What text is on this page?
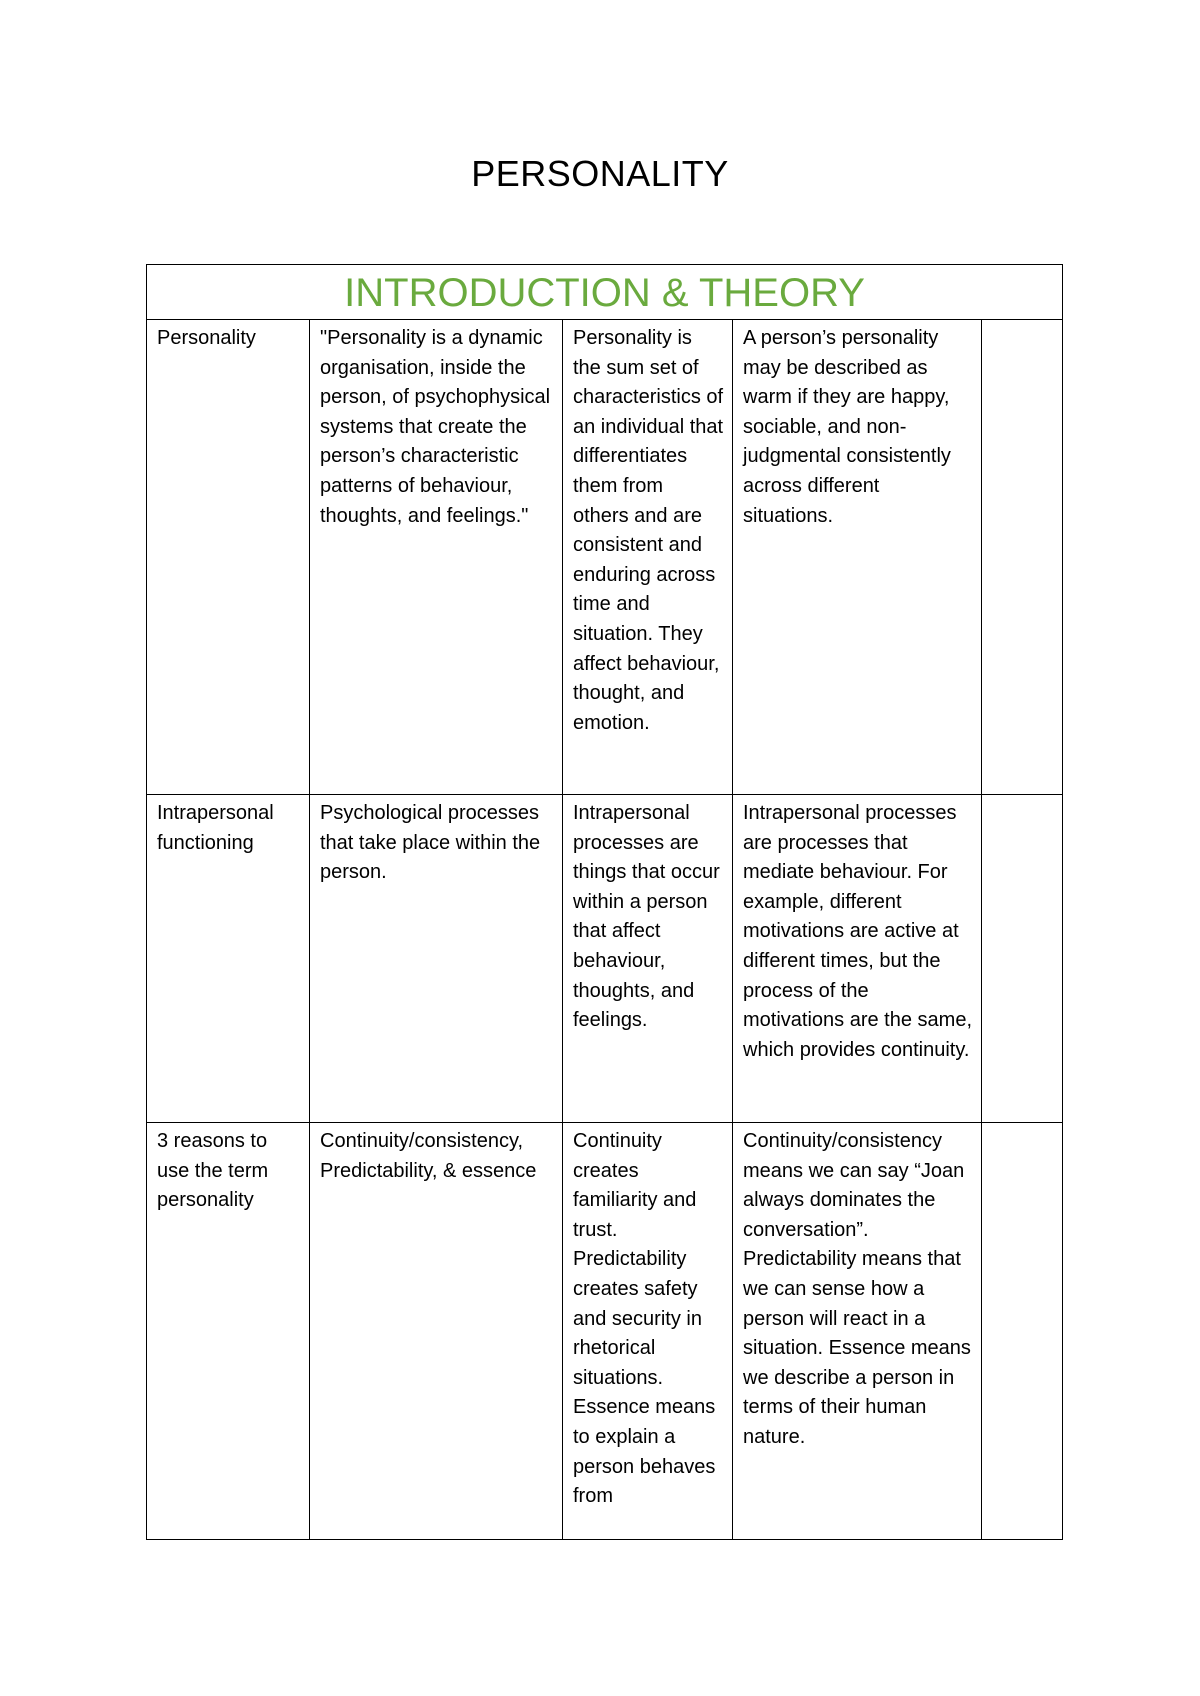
PERSONALITY
INTRODUCTION & THEORY				
Personality	"Personality is a dynamic organisation, inside the person, of psychophysical systems that create the person’s characteristic patterns of behaviour, thoughts, and feelings."	Personality is the sum set of characteristics of an individual that differentiates them from others and are consistent and enduring across time and situation. They affect behaviour, thought, and emotion.	A person’s personality may be described as warm if they are happy, sociable, and non-judgmental consistently across different situations.	
Intrapersonal functioning	Psychological processes that take place within the person.	Intrapersonal processes are things that occur within a person that affect behaviour, thoughts, and feelings.	Intrapersonal processes are processes that mediate behaviour. For example, different motivations are active at different times, but the process of the motivations are the same, which provides continuity.	
3 reasons to use the term personality	Continuity/consistency, Predictability, & essence	Continuity creates familiarity and trust. Predictability creates safety and security in rhetorical situations. Essence means to explain a person behaves from	Continuity/consistency means we can say “Joan always dominates the conversation”. Predictability means that we can sense how a person will react in a situation. Essence means we describe a person in terms of their human nature.	
